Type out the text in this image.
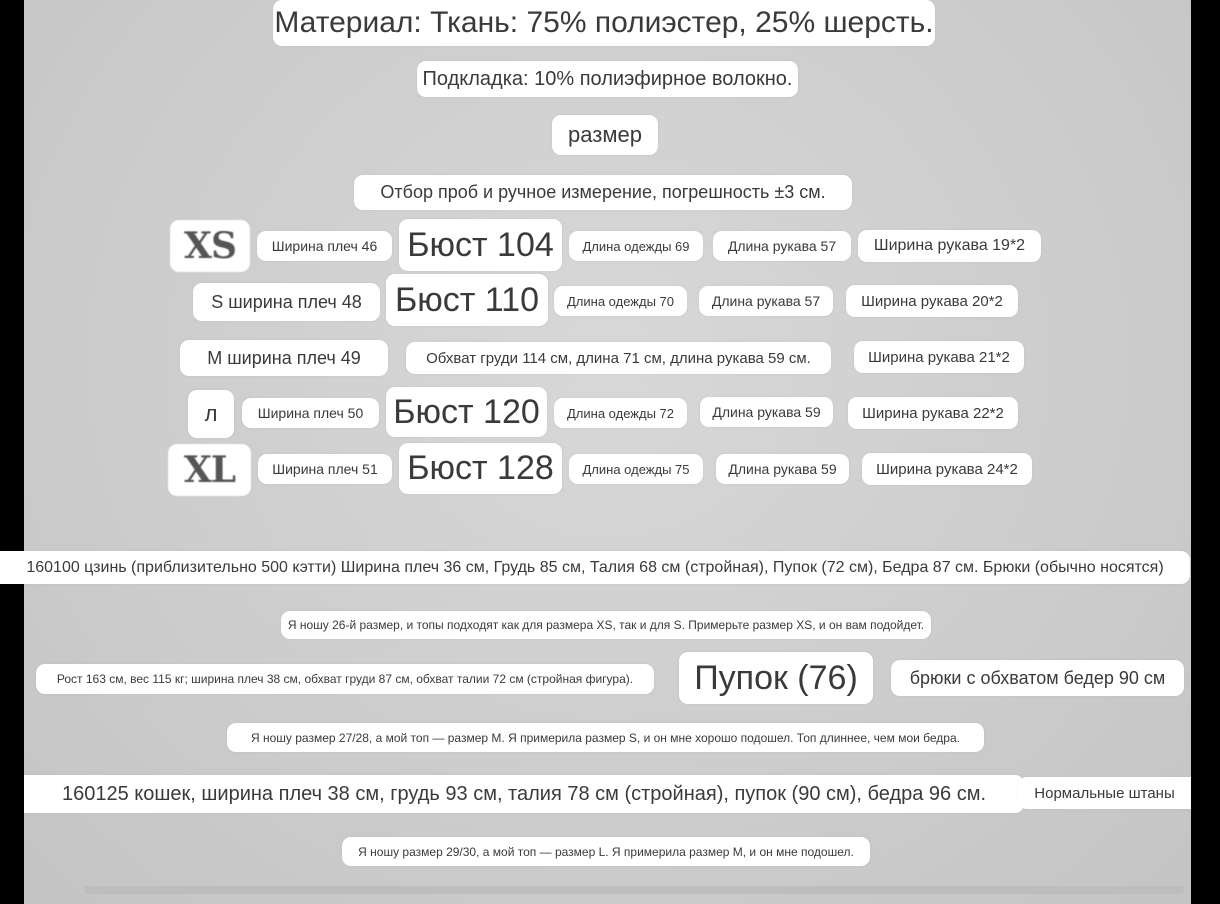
Материал: Ткань: 75% полиэстер, 25% шерсть.
Подкладка: 10% полиэфирное волокно.
размер
Отбор проб и ручное измерение, погрешность ±3 см.
XS	Ширина плеч 46 Бюст 104	Длина одежды 69	Длина рукава 57	Ширина рукава 19*2
S ширина плеч 48 Бюст 110	Длина одежды 70	Длина рукава 57	Ширина рукава 20*2
M ширина плеч 49	Обхват груди 114 см, длина 71 см, длина рукава 59 см.	Ширина рукава 21*2
л	Ширина плеч 50 Бюст 120	Длина одежды 72	Длина рукава 59	Ширина рукава 22*2
XL	Ширина плеч 51 Бюст 128	Длина одежды 75	Длина рукава 59	Ширина рукава 24*2
160100 цзинь (приблизительно 500 кэтти) Ширина плеч 36 см, Грудь 85 см, Талия 68 см (стройная), Пупок (72 см), Бедра 87 см. Брюки (обычно носятся)
Я ношу 26-й размер, и топы подходят как для размера XS, так и для S. Примерьте размер XS, и он вам подойдет.
Рост 163 см, вес 115 кг; ширина плеч 38 см, обхват груди 87 см, обхват талии 72 см (стройная фигура).	Пупок (76)	брюки с обхватом бедер 90 см
Я ношу размер 27/28, а мой топ — размер M. Я примерила размер S, и он мне хорошо подошел. Топ длиннее, чем мои бедра.
160125 кошек, ширина плеч 38 см, грудь 93 см, талия 78 см (стройная), пупок (90 см), бедра 96 см.	Нормальные штаны
Я ношу размер 29/30, а мой топ — размер L. Я примерила размер M, и он мне подошел.
